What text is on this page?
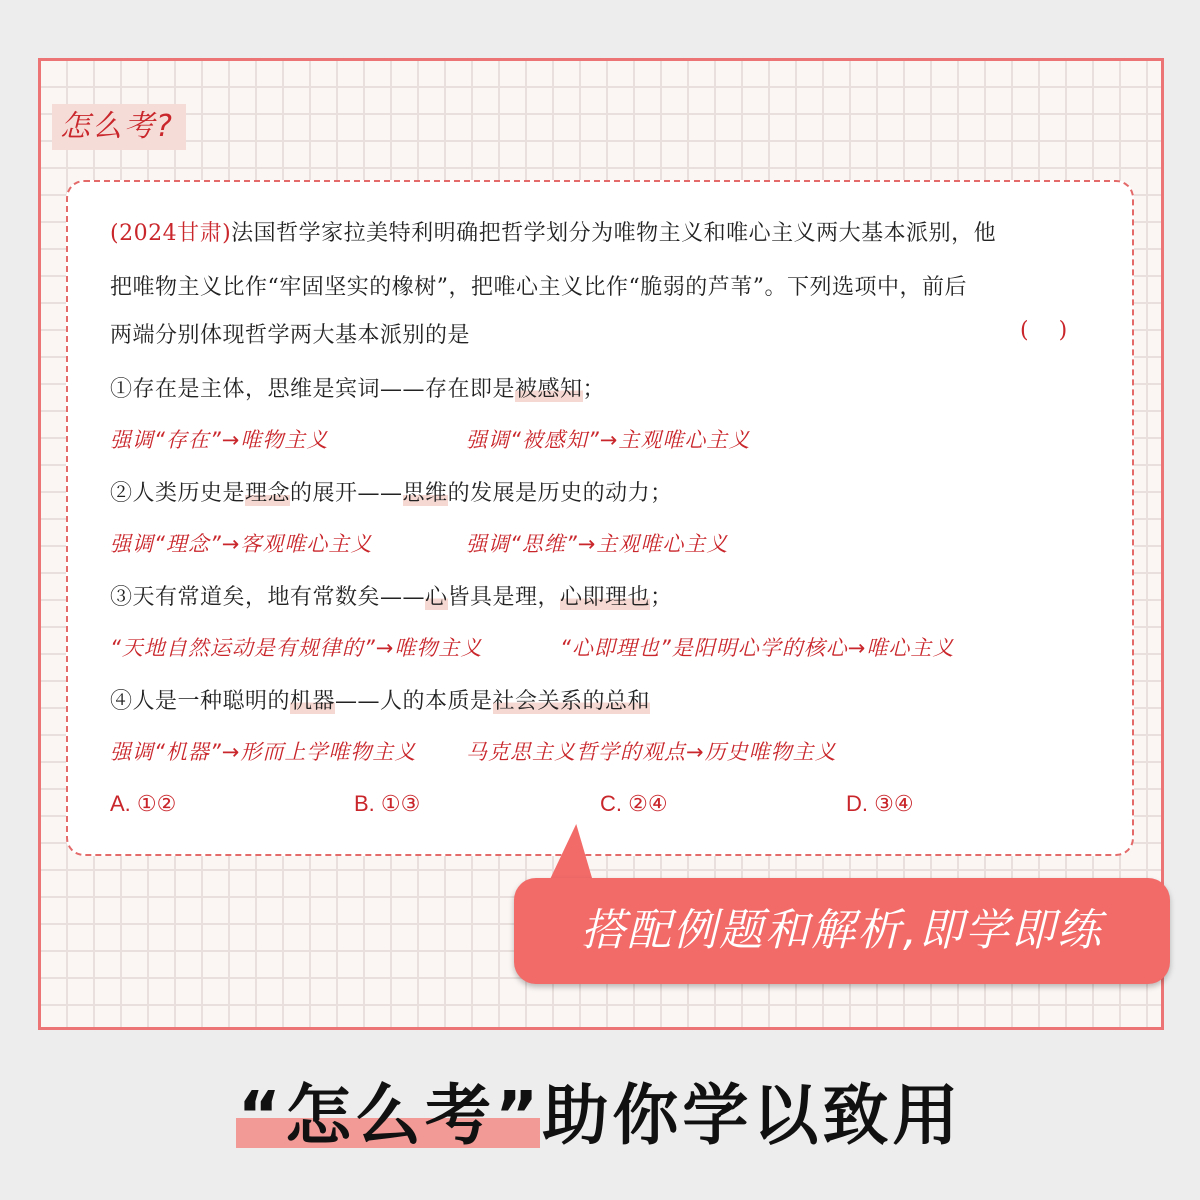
怎么考?
(2024甘肃)法国哲学家拉美特利明确把哲学划分为唯物主义和唯心主义两大基本派别，他
把唯物主义比作“牢固坚实的橡树”，把唯心主义比作“脆弱的芦苇”。下列选项中，前后
两端分别体现哲学两大基本派别的是	()
①存在是主体，思维是宾词——存在即是被感知；
强调“存在”→唯物主义	强调“被感知”→主观唯心主义
②人类历史是理念的展开——思维的发展是历史的动力；
强调“理念”→客观唯心主义	强调“思维”→主观唯心主义
③天有常道矣，地有常数矣——心皆具是理，心即理也；
“天地自然运动是有规律的”→唯物主义	“心即理也”是阳明心学的核心→唯心主义
④人是一种聪明的机器——人的本质是社会关系的总和
强调“机器”→形而上学唯物主义 马克思主义哲学的观点→历史唯物主义
A. ①②	B. ①③	C. ②④	D. ③④
搭配例题和解析,即学即练
“怎么考”助你学以致用
